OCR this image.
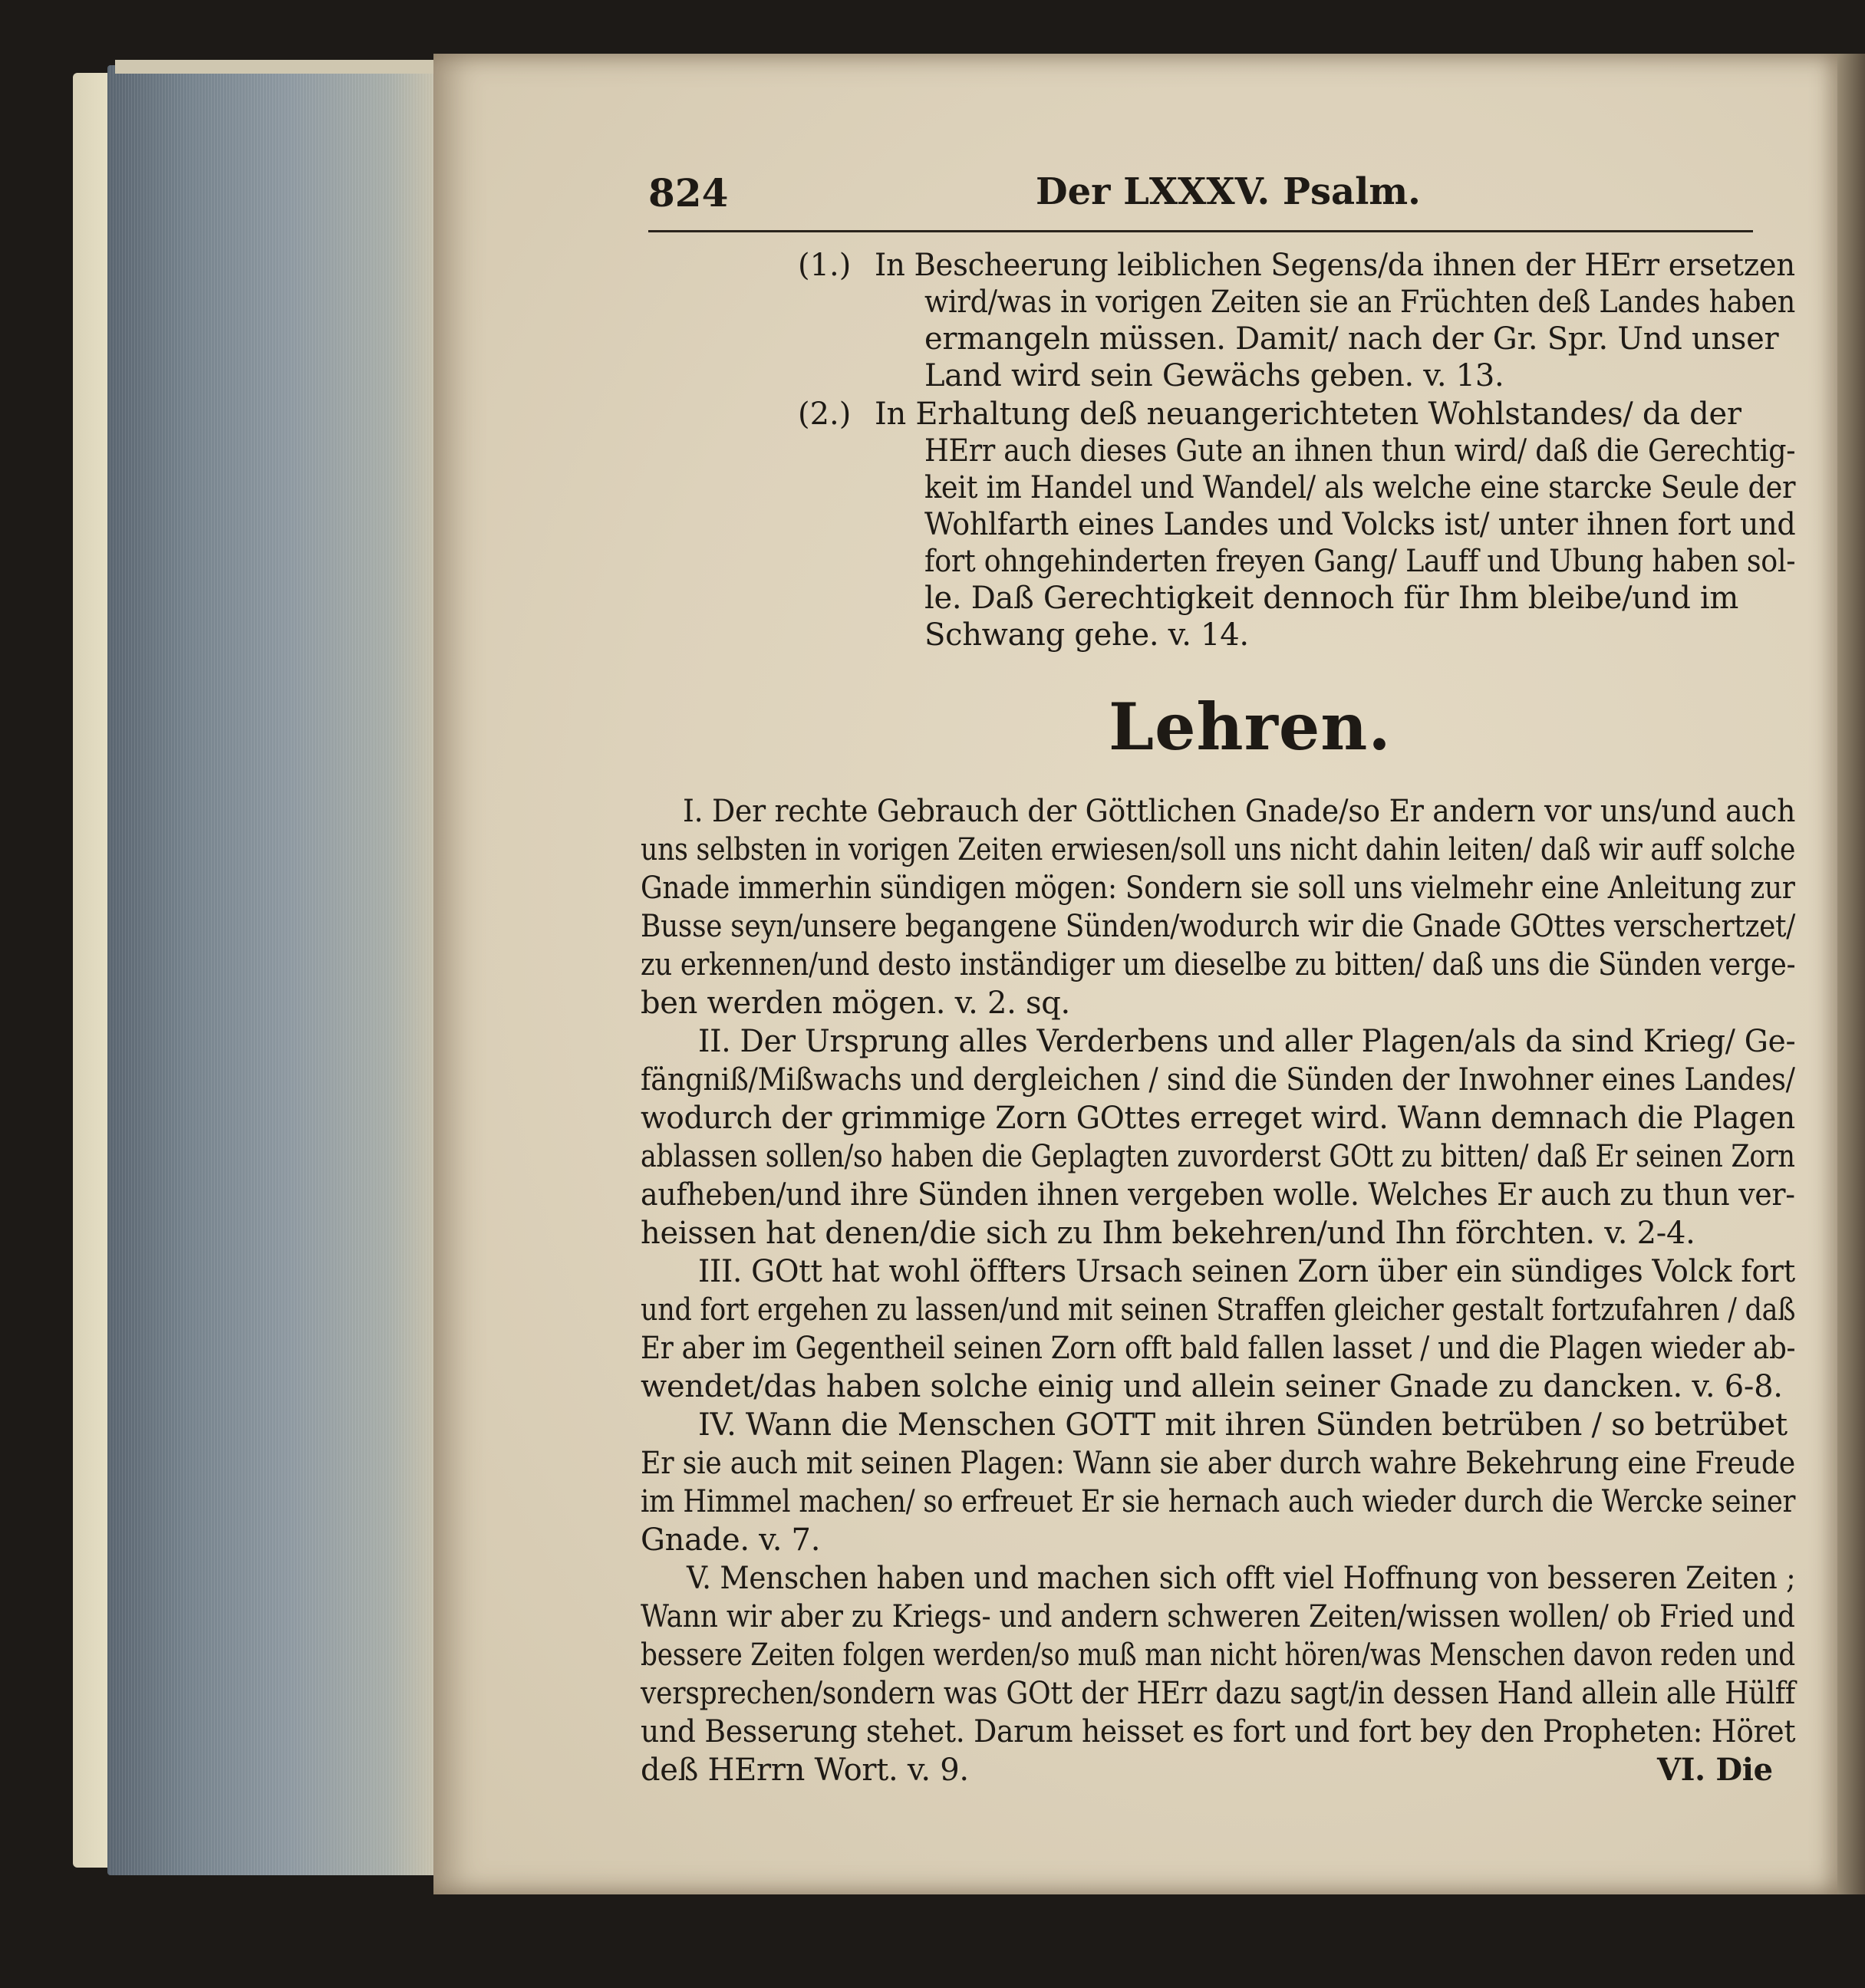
824	Der LXXXV. Psalm.
(1.) In Bescheerung leiblichen Segens/da ihnen der HErr ersetzen
wird/was in vorigen Zeiten sie an Früchten deß Landes haben
ermangeln müssen. Damit/ nach der Gr. Spr. Und unser
Land wird sein Gewächs geben. v. 13.
(2.) In Erhaltung deß neuangerichteten Wohlstandes/ da der
HErr auch dieses Gute an ihnen thun wird/ daß die Gerechtig-
keit im Handel und Wandel/ als welche eine starcke Seule der
Wohlfarth eines Landes und Volcks ist/ unter ihnen fort und
fort ohngehinderten freyen Gang/ Lauff und Ubung haben sol-
le. Daß Gerechtigkeit dennoch für Ihm bleibe/und im
Schwang gehe. v. 14.
Lehren.
I. Der rechte Gebrauch der Göttlichen Gnade/so Er andern vor uns/und auch
uns selbsten in vorigen Zeiten erwiesen/soll uns nicht dahin leiten/ daß wir auff solche
Gnade immerhin sündigen mögen: Sondern sie soll uns vielmehr eine Anleitung zur
Busse seyn/unsere begangene Sünden/wodurch wir die Gnade GOttes verschertzet/
zu erkennen/und desto inständiger um dieselbe zu bitten/ daß uns die Sünden verge-
ben werden mögen. v. 2. sq.
II. Der Ursprung alles Verderbens und aller Plagen/als da sind Krieg/ Ge-
fängniß/Mißwachs und dergleichen / sind die Sünden der Inwohner eines Landes/
wodurch der grimmige Zorn GOttes erreget wird. Wann demnach die Plagen
ablassen sollen/so haben die Geplagten zuvorderst GOtt zu bitten/ daß Er seinen Zorn
aufheben/und ihre Sünden ihnen vergeben wolle. Welches Er auch zu thun ver-
heissen hat denen/die sich zu Ihm bekehren/und Ihn förchten. v. 2-4.
III. GOtt hat wohl öffters Ursach seinen Zorn über ein sündiges Volck fort
und fort ergehen zu lassen/und mit seinen Straffen gleicher gestalt fortzufahren / daß
Er aber im Gegentheil seinen Zorn offt bald fallen lasset / und die Plagen wieder ab-
wendet/das haben solche einig und allein seiner Gnade zu dancken. v. 6-8.
IV. Wann die Menschen GOTT mit ihren Sünden betrüben / so betrübet
Er sie auch mit seinen Plagen: Wann sie aber durch wahre Bekehrung eine Freude
im Himmel machen/ so erfreuet Er sie hernach auch wieder durch die Wercke seiner
Gnade. v. 7.
V. Menschen haben und machen sich offt viel Hoffnung von besseren Zeiten ;
Wann wir aber zu Kriegs- und andern schweren Zeiten/wissen wollen/ ob Fried und
bessere Zeiten folgen werden/so muß man nicht hören/was Menschen davon reden und
versprechen/sondern was GOtt der HErr dazu sagt/in dessen Hand allein alle Hülff
und Besserung stehet. Darum heisset es fort und fort bey den Propheten: Höret
deß HErrn Wort. v. 9.	VI. Die
